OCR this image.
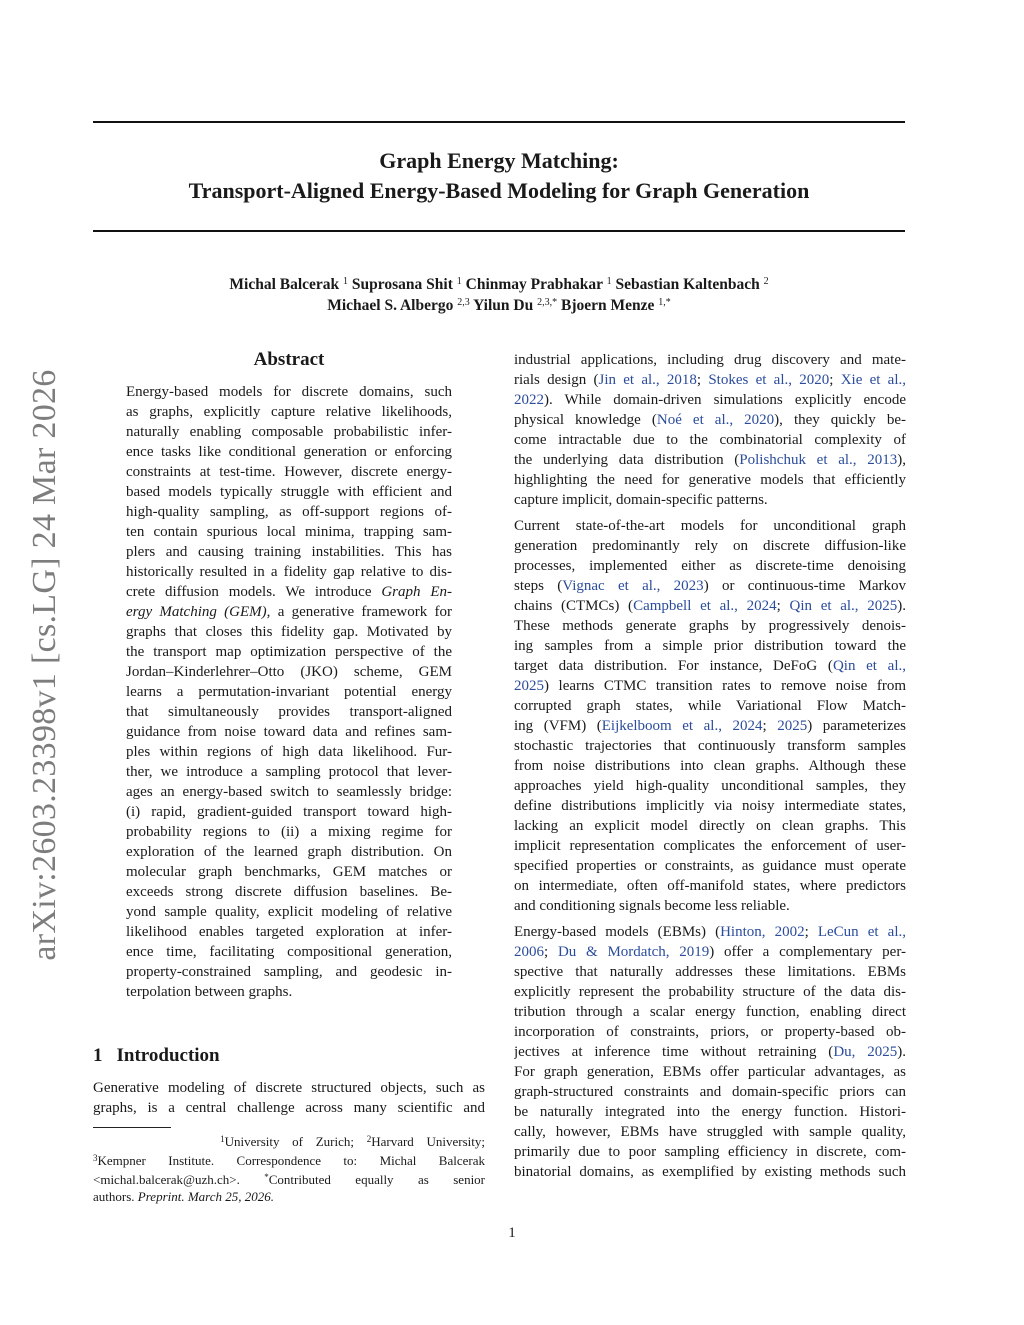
Graph Energy Matching:
Transport-Aligned Energy-Based Modeling for Graph Generation
Michal Balcerak $^1$ Suprosana Shit $^1$ Chinmay Prabhakar $^1$ Sebastian Kaltenbach $^2$
Michael S. Albergo $^{2,3}$ Yilun Du $^{2,3,*}$ Bjoern Menze $^{1,*}$
arXiv:2603.23398v1 [cs.LG] 24 Mar 2026
Abstract
Energy-based models for discrete domains, such
as graphs, explicitly capture relative likelihoods,
naturally enabling composable probabilistic infer-
ence tasks like conditional generation or enforcing
constraints at test-time. However, discrete energy-
based models typically struggle with efficient and
high-quality sampling, as off-support regions of-
ten contain spurious local minima, trapping sam-
plers and causing training instabilities. This has
historically resulted in a fidelity gap relative to dis-
crete diffusion models. We introduce Graph En-
ergy Matching (GEM), a generative framework for
graphs that closes this fidelity gap. Motivated by
the transport map optimization perspective of the
Jordan–Kinderlehrer–Otto (JKO) scheme, GEM
learns a permutation-invariant potential energy
that simultaneously provides transport-aligned
guidance from noise toward data and refines sam-
ples within regions of high data likelihood. Fur-
ther, we introduce a sampling protocol that lever-
ages an energy-based switch to seamlessly bridge:
(i) rapid, gradient-guided transport toward high-
probability regions to (ii) a mixing regime for
exploration of the learned graph distribution. On
molecular graph benchmarks, GEM matches or
exceeds strong discrete diffusion baselines. Be-
yond sample quality, explicit modeling of relative
likelihood enables targeted exploration at infer-
ence time, facilitating compositional generation,
property-constrained sampling, and geodesic in-
terpolation between graphs.
1 Introduction
Generative modeling of discrete structured objects, such as
graphs, is a central challenge across many scientific and
$^1$University of Zurich; $^2$Harvard University;
$^3$Kempner Institute. Correspondence to: Michal Balcerak
<michal.balcerak@uzh.ch>.	*Contributed equally as senior
authors. Preprint. March 25, 2026.
industrial applications, including drug discovery and mate-
rials design (Jin et al., 2018; Stokes et al., 2020; Xie et al.,
2022). While domain-driven simulations explicitly encode
physical knowledge (Noé et al., 2020), they quickly be-
come intractable due to the combinatorial complexity of
the underlying data distribution (Polishchuk et al., 2013),
highlighting the need for generative models that efficiently
capture implicit, domain-specific patterns.
Current state-of-the-art models for unconditional graph
generation predominantly rely on discrete diffusion-like
processes, implemented either as discrete-time denoising
steps (Vignac et al., 2023) or continuous-time Markov
chains (CTMCs) (Campbell et al., 2024; Qin et al., 2025).
These methods generate graphs by progressively denois-
ing samples from a simple prior distribution toward the
target data distribution. For instance, DeFoG (Qin et al.,
2025) learns CTMC transition rates to remove noise from
corrupted graph states, while Variational Flow Match-
ing (VFM) (Eijkelboom et al., 2024; 2025) parameterizes
stochastic trajectories that continuously transform samples
from noise distributions into clean graphs. Although these
approaches yield high-quality unconditional samples, they
define distributions implicitly via noisy intermediate states,
lacking an explicit model directly on clean graphs. This
implicit representation complicates the enforcement of user-
specified properties or constraints, as guidance must operate
on intermediate, often off-manifold states, where predictors
and conditioning signals become less reliable.
Energy-based models (EBMs) (Hinton, 2002; LeCun et al.,
2006; Du & Mordatch, 2019) offer a complementary per-
spective that naturally addresses these limitations. EBMs
explicitly represent the probability structure of the data dis-
tribution through a scalar energy function, enabling direct
incorporation of constraints, priors, or property-based ob-
jectives at inference time without retraining (Du, 2025).
For graph generation, EBMs offer particular advantages, as
graph-structured constraints and domain-specific priors can
be naturally integrated into the energy function. Histori-
cally, however, EBMs have struggled with sample quality,
primarily due to poor sampling efficiency in discrete, com-
binatorial domains, as exemplified by existing methods such
1
